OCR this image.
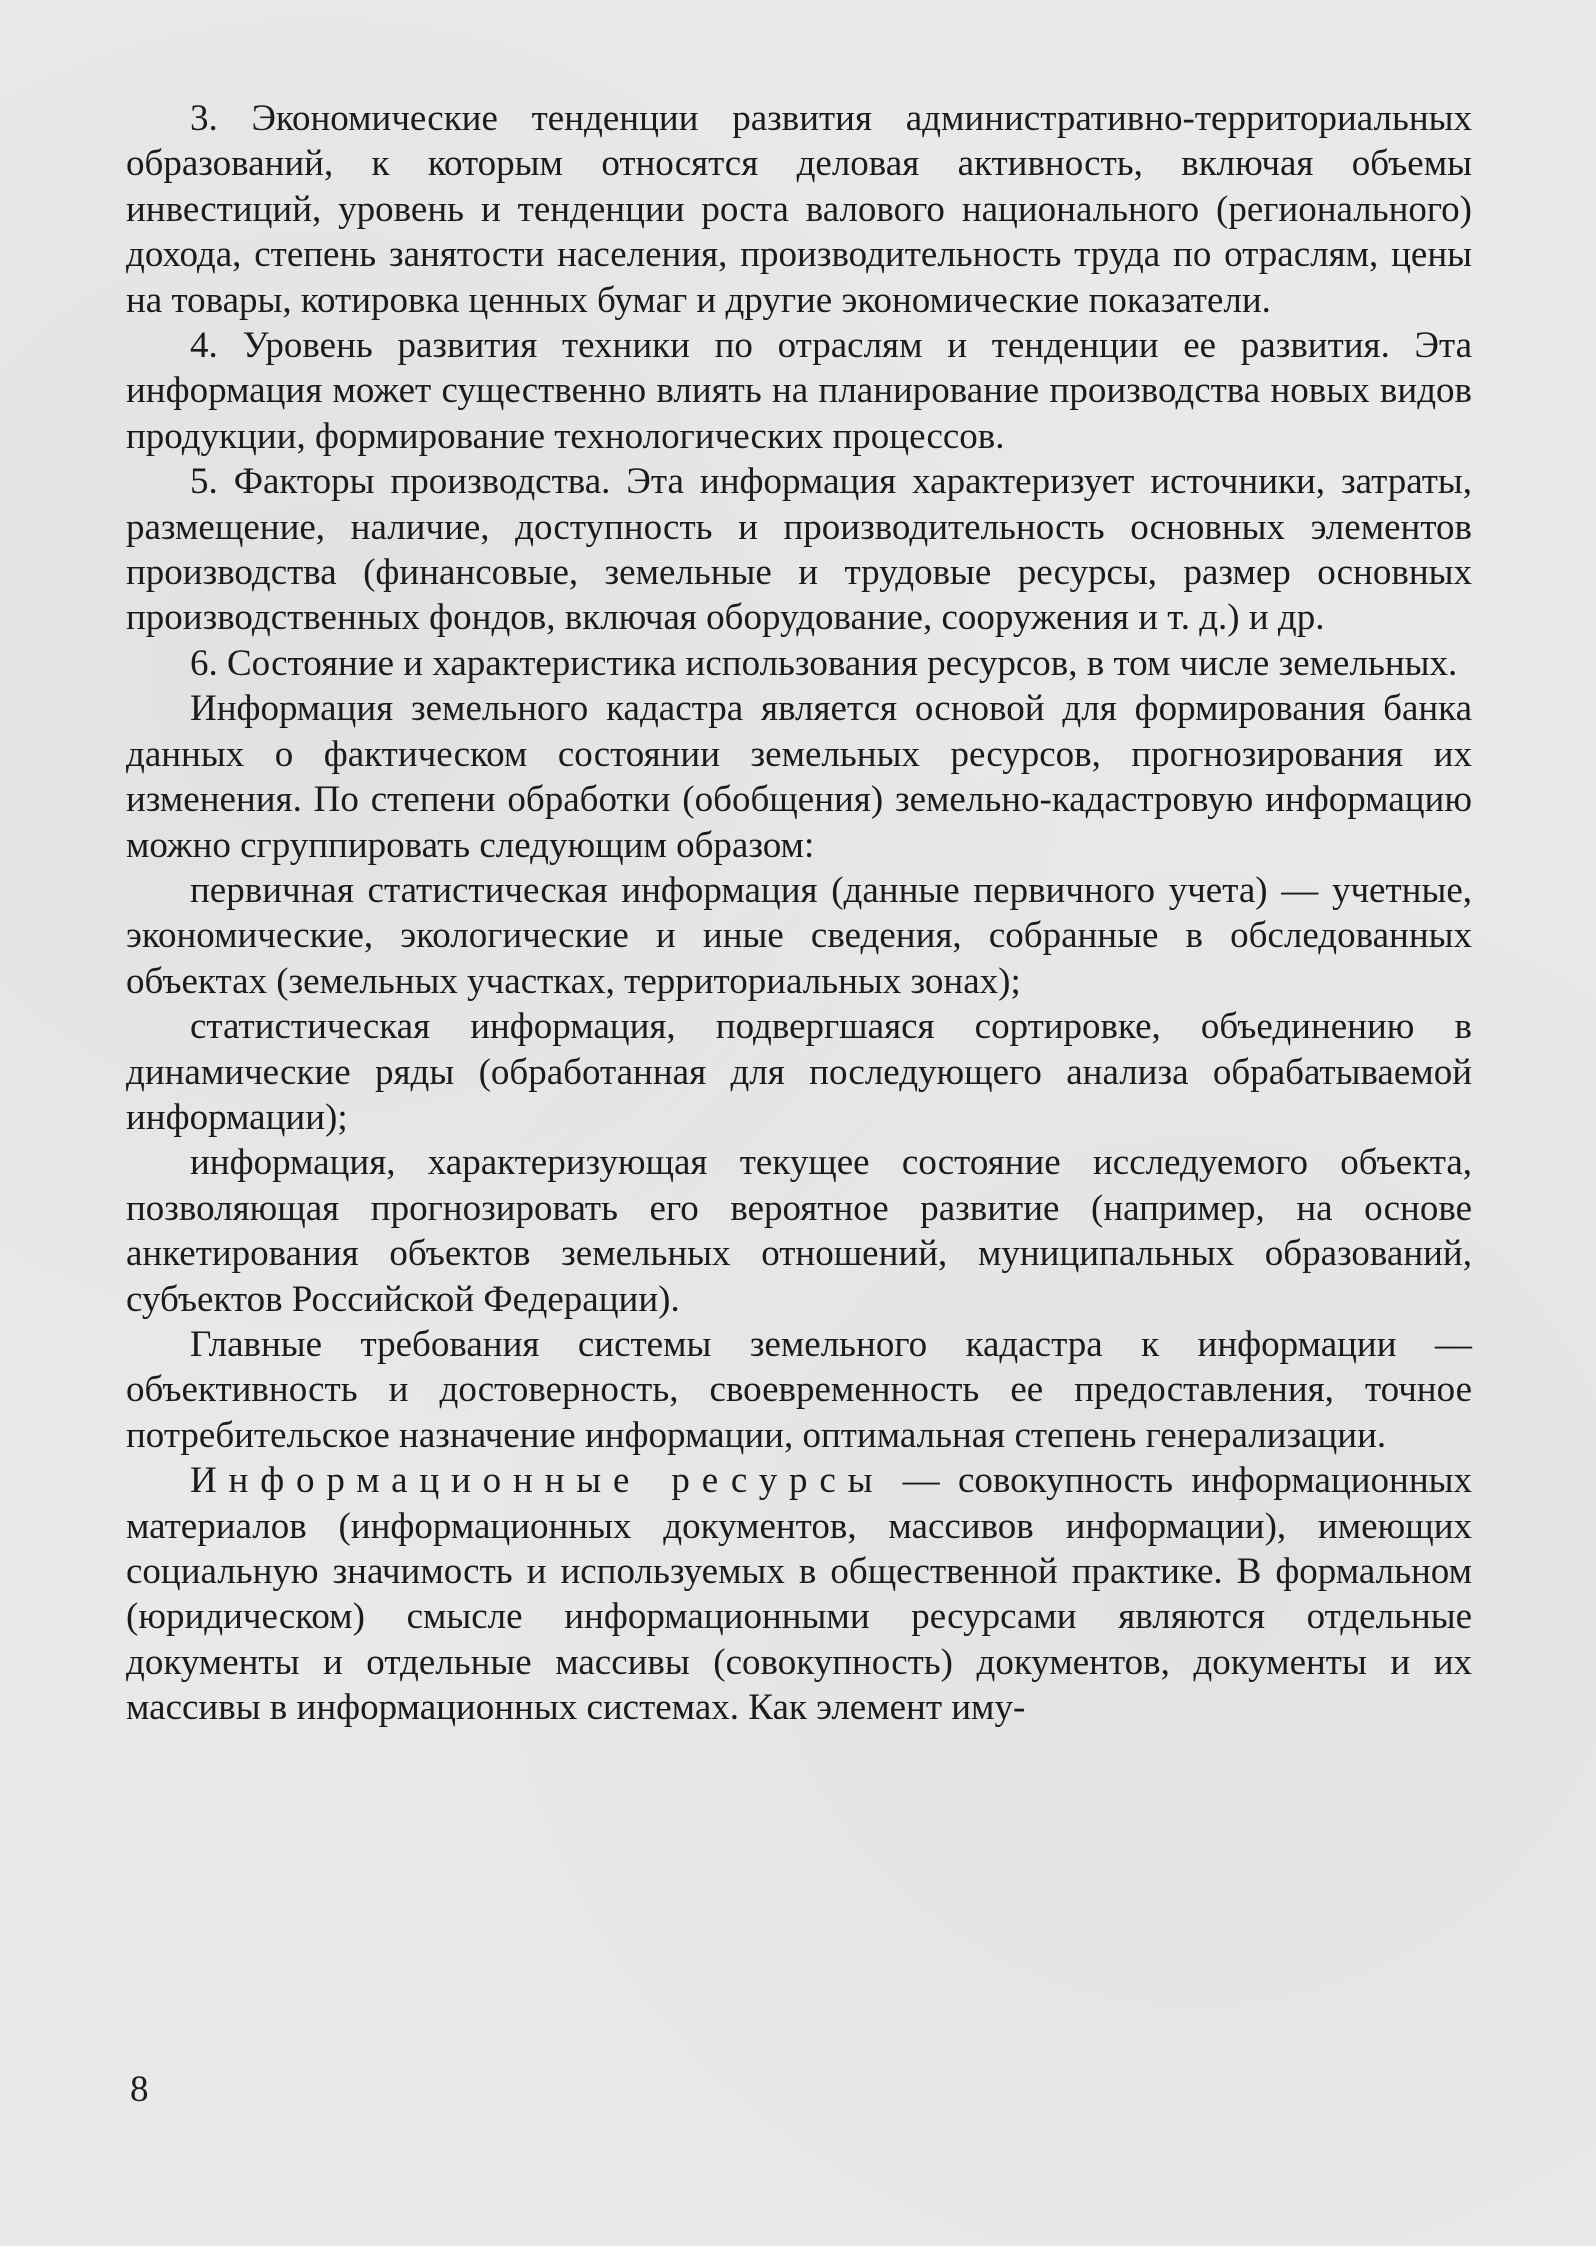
3. Экономические тенденции развития административно-территориальных образований, к которым относятся деловая активность, включая объемы инвестиций, уровень и тенденции роста валового национального (регионального) дохода, степень занятости населения, производительность труда по отраслям, цены на товары, котировка ценных бумаг и другие экономические показатели.

4. Уровень развития техники по отраслям и тенденции ее развития. Эта информация может существенно влиять на планирование производства новых видов продукции, формирование технологических процессов.

5. Факторы производства. Эта информация характеризует источники, затраты, размещение, наличие, доступность и производительность основных элементов производства (финансовые, земельные и трудовые ресурсы, размер основных производственных фондов, включая оборудование, сооружения и т. д.) и др.

6. Состояние и характеристика использования ресурсов, в том числе земельных.

Информация земельного кадастра является основой для формирования банка данных о фактическом состоянии земельных ресурсов, прогнозирования их изменения. По степени обработки (обобщения) земельно-кадастровую информацию можно сгруппировать следующим образом:

первичная статистическая информация (данные первичного учета) — учетные, экономические, экологические и иные сведения, собранные в обследованных объектах (земельных участках, территориальных зонах);

статистическая информация, подвергшаяся сортировке, объединению в динамические ряды (обработанная для последующего анализа обрабатываемой информации);

информация, характеризующая текущее состояние исследуемого объекта, позволяющая прогнозировать его вероятное развитие (например, на основе анкетирования объектов земельных отношений, муниципальных образований, субъектов Российской Федерации).

Главные требования системы земельного кадастра к информации — объективность и достоверность, своевременность ее предоставления, точное потребительское назначение информации, оптимальная степень генерализации.

Информационные ресурсы — совокупность информационных материалов (информационных документов, массивов информации), имеющих социальную значимость и используемых в общественной практике. В формальном (юридическом) смысле информационными ресурсами являются отдельные документы и отдельные массивы (совокупность) документов, документы и их массивы в информационных системах. Как элемент иму-

8
